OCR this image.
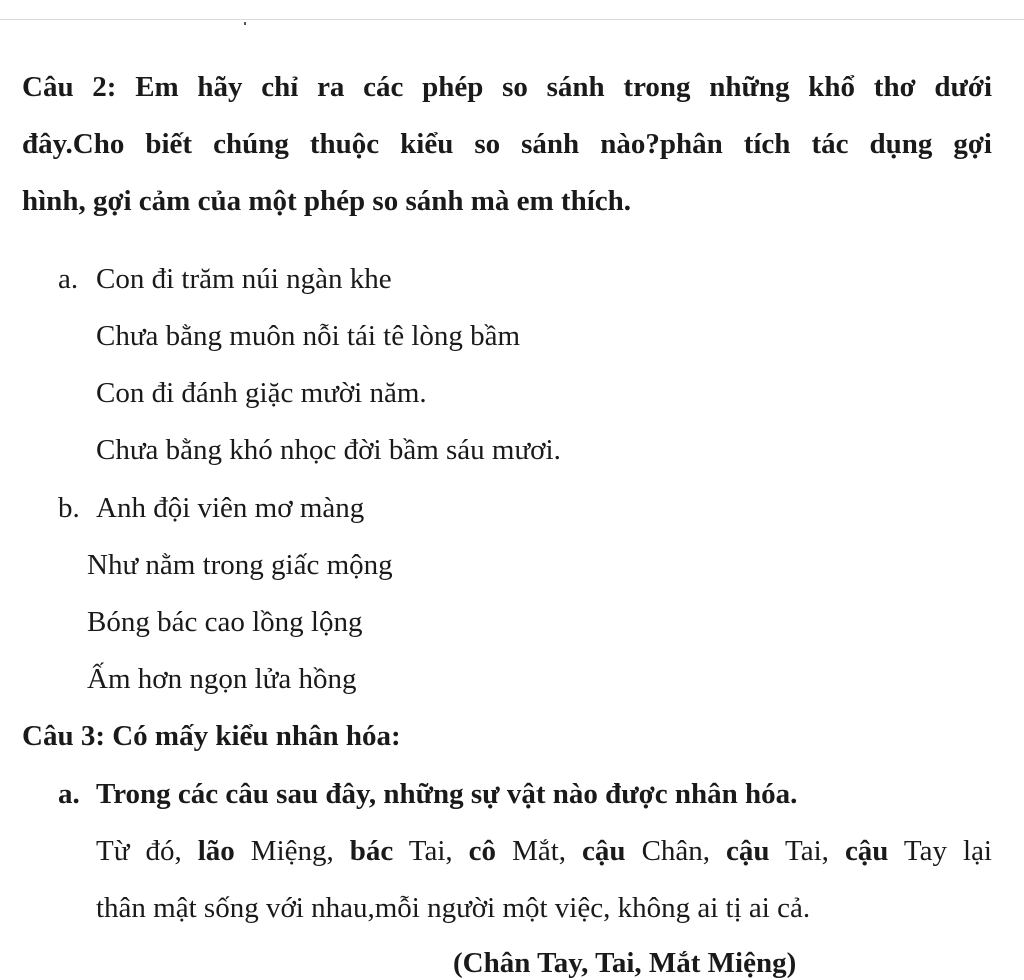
Câu 2: Em hãy chỉ ra các phép so sánh trong những khổ thơ dưới
đây.Cho biết chúng thuộc kiểu so sánh nào?phân tích tác dụng gợi
hình, gợi cảm của một phép so sánh mà em thích.
a. Con đi trăm núi ngàn khe
Chưa bằng muôn nỗi tái tê lòng bầm
Con đi đánh giặc mười năm.
Chưa bằng khó nhọc đời bầm sáu mươi.
b. Anh đội viên mơ màng
Như nằm trong giấc mộng
Bóng bác cao lồng lộng
Ấm hơn ngọn lửa hồng
Câu 3: Có mấy kiểu nhân hóa:
a. Trong các câu sau đây, những sự vật nào được nhân hóa.
Từ đó, lão Miệng, bác Tai, cô Mắt, cậu Chân, cậu Tai, cậu Tay lại
thân mật sống với nhau,mỗi người một việc, không ai tị ai cả.
(Chân Tay, Tai, Mắt Miệng)
